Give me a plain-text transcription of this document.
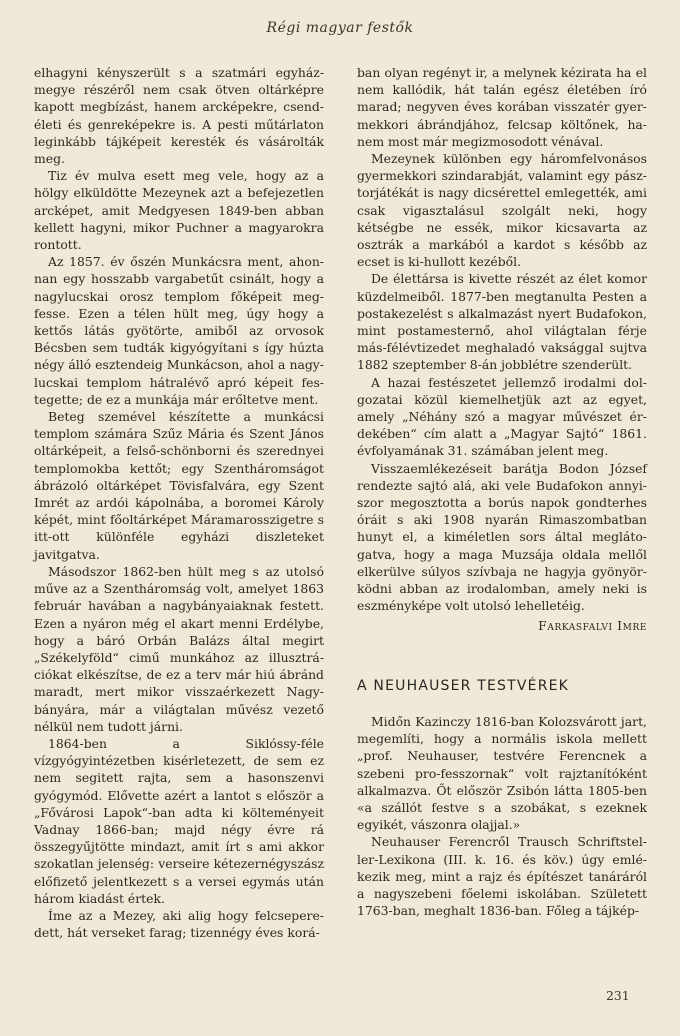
Régi magyar festők

elhagyni kényszerült s a szatmári egyház-megye részéről nem csak ötven oltárképre kapott megbízást, hanem arcképekre, csend-életi és genreképekre is. A pesti műtárlaton leginkább tájképeit keresték és vásárolták meg.

Tiz év mulva esett meg vele, hogy az a hölgy elküldötte Mezeynek azt a befejezetlen arcképet, amit Medgyesen 1849-ben abban kellett hagyni, mikor Puchner a magyarokra rontott.

Az 1857. év őszén Munkácsra ment, ahon-nan egy hosszabb vargabetűt csinált, hogy a nagylucskai orosz templom főképeit meg-fesse. Ezen a télen hült meg, úgy hogy a kettős látás gyötörte, amiből az orvosok Bécsben sem tudták kigyógyítani s így húzta négy álló esztendeig Munkácson, ahol a nagy-lucskai templom hátralévő apró képeit fes-tegette; de ez a munkája már erőltetve ment.

Beteg szemével készítette a munkácsi templom számára Szűz Mária és Szent János oltárképeit, a felső-schönborni és szerednyei templomokba kettőt; egy Szentháromságot ábrázoló oltárképet Tövisfalvára, egy Szent Imrét az ardói kápolnába, a boromei Károly képét, mint főoltárképet Máramarosszigetre s itt-ott különféle egyházi diszleteket javitgatva.

Másodszor 1862-ben hült meg s az utolsó műve az a Szentháromság volt, amelyet 1863 február havában a nagybányaiaknak festett. Ezen a nyáron még el akart menni Erdélybe, hogy a báró Orbán Balázs által megirt „Székelyföld“ cimű munkához az illusztrá-ciókat elkészítse, de ez a terv már hiú ábránd maradt, mert mikor visszaérkezett Nagy-bányára, már a világtalan művész vezető nélkül nem tudott járni.

1864-ben a Siklóssy-féle vízgyógyintézetben kisérletezett, de sem ez nem segitett rajta, sem a hasonszenvi gyógymód. Elővette azért a lantot s először a „Fővárosi Lapok“-ban adta ki költeményeit Vadnay 1866-ban; majd négy évre rá összegyűjtötte mindazt, amit írt s ami akkor szokatlan jelenség: verseire kétezernégyszász előfizető jelentkezett s a versei egymás után három kiadást értek.

Íme az a Mezey, aki alig hogy felcsepere-dett, hát verseket farag; tizennégy éves korá-

ban olyan regényt ir, a melynek kézirata ha el nem kallódik, hát talán egész életében író marad; negyven éves korában visszatér gyer-mekkori ábrándjához, felcsap költőnek, ha-nem most már megizmosodott vénával.

Mezeynek különben egy háromfelvonásos gyermekkori szindarabját, valamint egy pász-torjátékát is nagy dicsérettel emlegették, ami csak vigasztalásul szolgált neki, hogy kétségbe ne essék, mikor kicsavarta az osztrák a markából a kardot s később az ecset is ki-hullott kezéből.

De élettársa is kivette részét az élet komor küzdelmeiből. 1877-ben megtanulta Pesten a postakezelést s alkalmazást nyert Budafokon, mint postamesternő, ahol világtalan férje más-félévtizedet meghaladó vaksággal sujtva 1882 szeptember 8-án jobblétre szenderült.

A hazai festészetet jellemző irodalmi dol-gozatai közül kiemelhetjük azt az egyet, amely „Néhány szó a magyar művészet ér-dekében“ cím alatt a „Magyar Sajtó“ 1861. évfolyamának 31. számában jelent meg.

Visszaemlékezéseit barátja Bodon József rendezte sajtó alá, aki vele Budafokon annyi-szor megosztotta a borús napok gondterhes óráit s aki 1908 nyarán Rimaszombatban hunyt el, a kiméletlen sors által meglátо-gatva, hogy a maga Muzsája oldala mellől elkerülve súlyos szívbaja ne hagyja gyönyör-ködni abban az irodalomban, amely neki is eszményképe volt utolsó lehelletéig.

Farkasfalvi Imre

A NEUHAUSER TESTVÉREK

Midőn Kazinczy 1816-ban Kolozsvárott jart, megemlíti, hogy a normális iskola mellett „prof. Neuhauser, testvére Ferencnek a szebeni pro-fesszornak“ volt rajztanítóként alkalmazva. Őt először Zsibón látta 1805-ben «a szállót festve s a szobákat, s ezeknek egyikét, vászonra olajjal.»

Neuhauser Ferencről Trausch Schriftstel-ler-Lexikona (III. k. 16. és köv.) úgy emlé-kezik meg, mint a rajz és építészet tanáráról a nagyszebeni főelemi iskolában. Született 1763-ban, meghalt 1836-ban. Főleg a tájkép-

231
